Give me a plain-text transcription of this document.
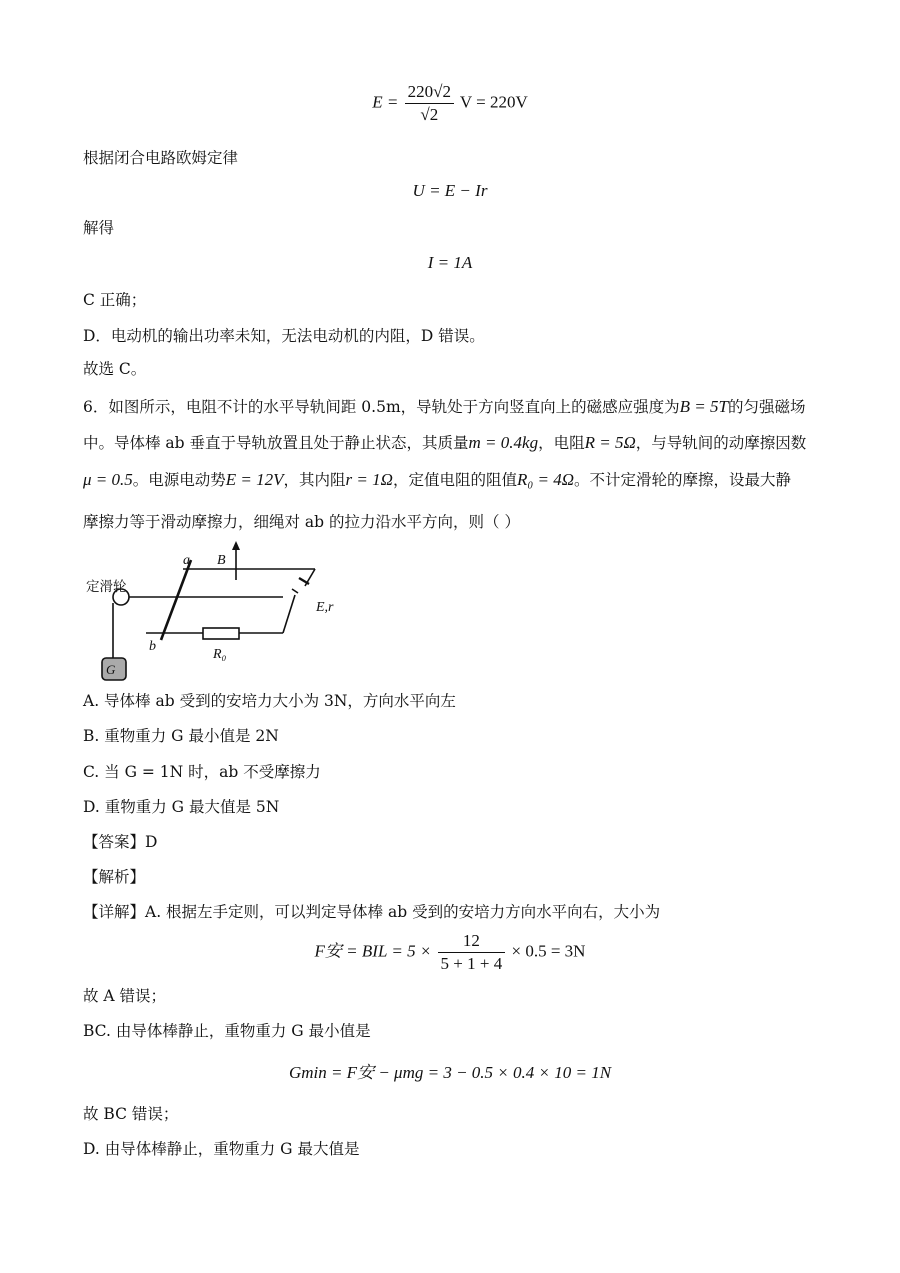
$E = \frac{220√2}{√2}$ V = 220V
根据闭合电路欧姆定律
U = E − Ir
解得
I = 1A
C 正确；
D．电动机的输出功率未知，无法电动机的内阻，D 错误。
故选 C。
6．如图所示，电阻不计的水平导轨间距 0.5m，导轨处于方向竖直向上的磁感应强度为B = 5T的匀强磁场
中。导体棒 ab 垂直于导轨放置且处于静止状态，其质量m = 0.4kg，电阻R = 5Ω，与导轨间的动摩擦因数
μ = 0.5。电源电动势E = 12V，其内阻r = 1Ω，定值电阻的阻值R₀ = 4Ω。不计定滑轮的摩擦，设最大静
摩擦力等于滑动摩擦力，细绳对 ab 的拉力沿水平方向，则（ ）
G
a
b
B
E,r
R₀
定滑轮
A. 导体棒 ab 受到的安培力大小为 3N，方向水平向左
B. 重物重力 G 最小值是 2N
C. 当 G = 1N 时，ab 不受摩擦力
D. 重物重力 G 最大值是 5N
【答案】D
【解析】
【详解】A. 根据左手定则，可以判定导体棒 ab 受到的安培力方向水平向右，大小为
F安 = BIL = $5 \times \frac{12}{5 + 1 + 4} \times 0.5 = 3N$
故 A 错误；
BC. 由导体棒静止，重物重力 G 最小值是
Gmin = F安 − μmg = 3 − 0.5 × 0.4 × 10 = 1N
故 BC 错误；
D. 由导体棒静止，重物重力 G 最大值是
